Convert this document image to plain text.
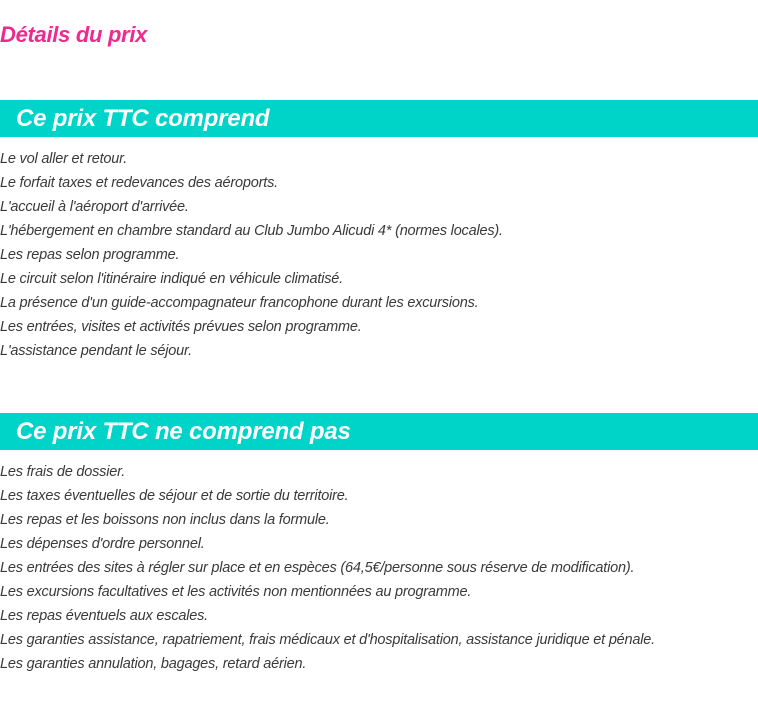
Détails du prix
Ce prix TTC comprend
Le vol aller et retour.
Le forfait taxes et redevances des aéroports.
L'accueil à l'aéroport d'arrivée.
L'hébergement en chambre standard au Club Jumbo Alicudi 4* (normes locales).
Les repas selon programme.
Le circuit selon l'itinéraire indiqué en véhicule climatisé.
La présence d'un guide-accompagnateur francophone durant les excursions.
Les entrées, visites et activités prévues selon programme.
L'assistance pendant le séjour.
Ce prix TTC ne comprend pas
Les frais de dossier.
Les taxes éventuelles de séjour et de sortie du territoire.
Les repas et les boissons non inclus dans la formule.
Les dépenses d'ordre personnel.
Les entrées des sites à régler sur place et en espèces (64,5€/personne sous réserve de modification).
Les excursions facultatives et les activités non mentionnées au programme.
Les repas éventuels aux escales.
Les garanties assistance, rapatriement, frais médicaux et d'hospitalisation, assistance juridique et pénale.
Les garanties annulation, bagages, retard aérien.
